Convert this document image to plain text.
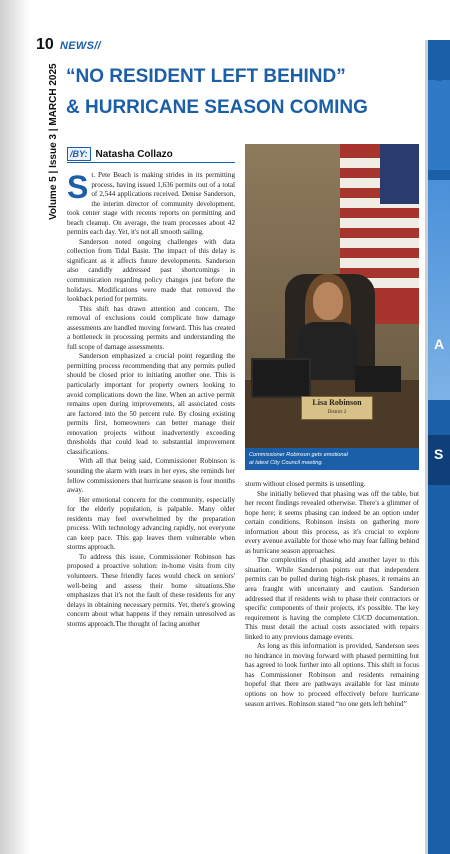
10 NEWS//
Volume 5 | Issue 3 | MARCH 2025 “NO RESIDENT LEFT BEHIND”
& HURRICANE SEASON COMING
/BY: Natasha Collazo

St. Pete Beach is making strides in its permitting process, having issued 1,636 permits out of a total of 2,544 applications received. Denise Sanderson, the interim director of community development, took center stage with recents reports on permitting and beach cleanup. On average, the team processes about 42 permits each day. Yet, it's not all smooth sailing.

Sanderson noted ongoing challenges with data collection from Tidal Basin. The impact of this delay is significant as it affects future developments. Sanderson also candidly addressed past shortcomings in communication regarding policy changes just before the holidays. Modifications were made that removed the lookback period for permits.

This shift has drawn attention and concern. The removal of exclusions could complicate how damage assessments are handled moving forward. This has created a bottleneck in processing permits and understanding the full scope of damage assessments.

Sanderson emphasized a crucial point regarding the permitting process recommending that any permits pulled should be closed prior to initiating another one. This is particularly important for property owners looking to avoid complications down the line. When an active permit remains open during improvements, all associated costs are factored into the 50 percent rule. By closing existing permits first, homeowners can better manage their renovation projects without inadvertently exceeding thresholds that could lead to substantial improvement classifications.

With all that being said, Commissioner Robinson is sounding the alarm with tears in her eyes, she reminds her fellow commissioners that hurricane season is four months away.

Her emotional concern for the community, especially for the elderly population, is palpable. Many older residents may feel overwhelmed by the preparation process. With technology advancing rapidly, not everyone can keep pace. This gap leaves them vulnerable when storms approach.

To address this issue, Commissioner Robinson has proposed a proactive solution: in-home visits from city volunteers. These friendly faces would check on seniors' well-being and assess their home situations.She emphasizes that it's not the fault of these residents for any delays in obtaining necessary permits. Yet, there's growing concern about what happens if they remain unresolved as storms approach.The thought of facing another

Lisa Robinson
District 2
Commissioner Robinson gets emotional
at latest City Council meeting.

storm without closed permits is unsettling.

She initially believed that phasing was off the table, but her recent findings revealed otherwise. There's a glimmer of hope here; it seems phasing can indeed be an option under certain conditions. Robinson insists on gathering more information about this process, as it's crucial to explore every avenue available for those who may fear falling behind as hurricane season approaches.

The complexities of phasing add another layer to this situation. While Sanderson points out that independent permits can be pulled during high-risk phases, it remains an area fraught with uncertainty and caution. Sanderson addressed that if residents wish to phase their contractors or specific components of their projects, it's possible. The key requirement is having the complete CI/CD documentation. This must detail the actual costs associated with repairs linked to any previous damage events.

As long as this information is provided, Sanderson sees no hindrance in moving forward with phased permitting but has agreed to look further into all options. This shift in focus has Commissioner Robinson and residents remaining hopeful that there are pathways available for last minute options on how to proceed effectively before hurricane season arrives. Robinson stated “no one gets left behind”

C
A
S
